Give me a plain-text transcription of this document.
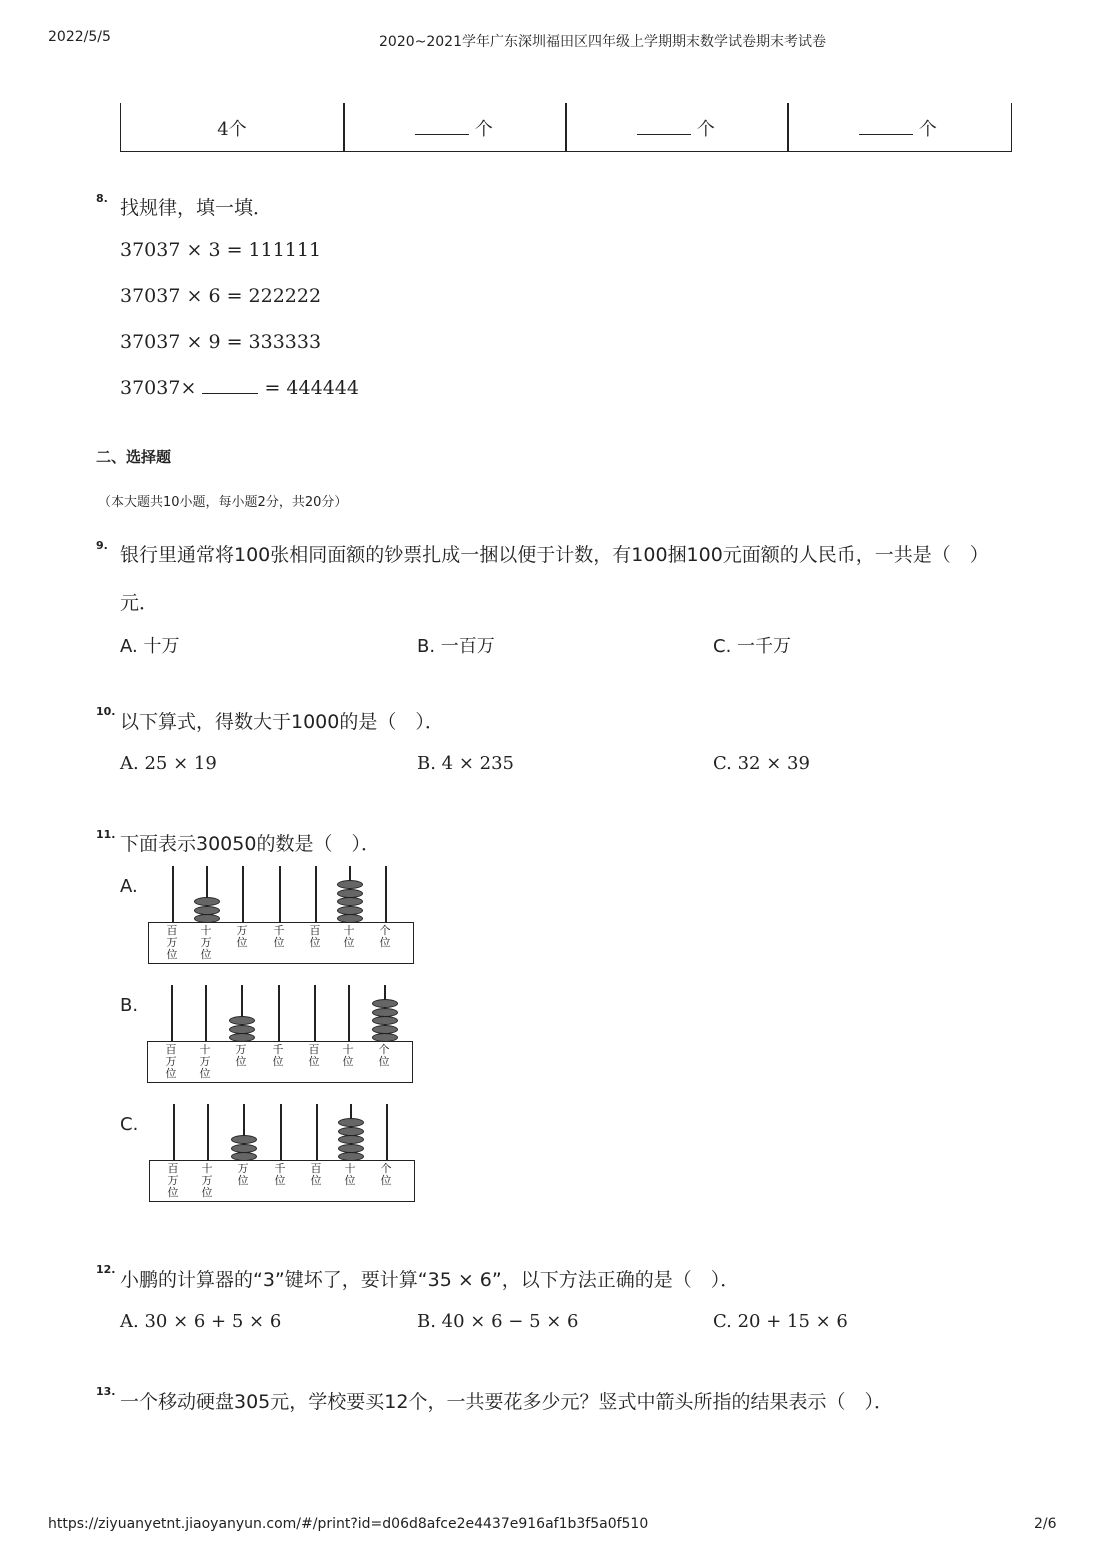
2022/5/5	2020~2021学年广东深圳福田区四年级上学期期末数学试卷期末考试卷
4个	个	个	个
8. 找规律，填一填．
37037 × 3 = 111111
37037 × 6 = 222222
37037 × 9 = 333333
37037×	= 444444
二、选择题
（本大题共10小题，每小题2分，共20分）
9. 银行里通常将100张相同面额的钞票扎成一捆以便于计数，有100捆100元面额的人民币，一共是（　）
元．
A. 十万	B. 一百万	C. 一千万
10. 以下算式，得数大于1000的是（　）．
A. 25 × 19	B. 4 × 235	C. 32 × 39
11. 下面表示30050的数是（　）．
A.
百
万
位
十
万
位
万
位
千
位
百
位
十
位
个
位
B.
百
万
位
十
万
位
万
位
千
位
百
位
十
位
个
位
C.
百
万
位
十
万
位
万
位
千
位
百
位
十
位
个
位
12. 小鹏的计算器的“3”键坏了，要计算“35 × 6”，以下方法正确的是（　）．
A. 30 × 6 + 5 × 6	B. 40 × 6 − 5 × 6	C. 20 + 15 × 6
13. 一个移动硬盘305元，学校要买12个，一共要花多少元？竖式中箭头所指的结果表示（　）．
https://ziyuanyetnt.jiaoyanyun.com/#/print?id=d06d8afce2e4437e916af1b3f5a0f510	2/6
